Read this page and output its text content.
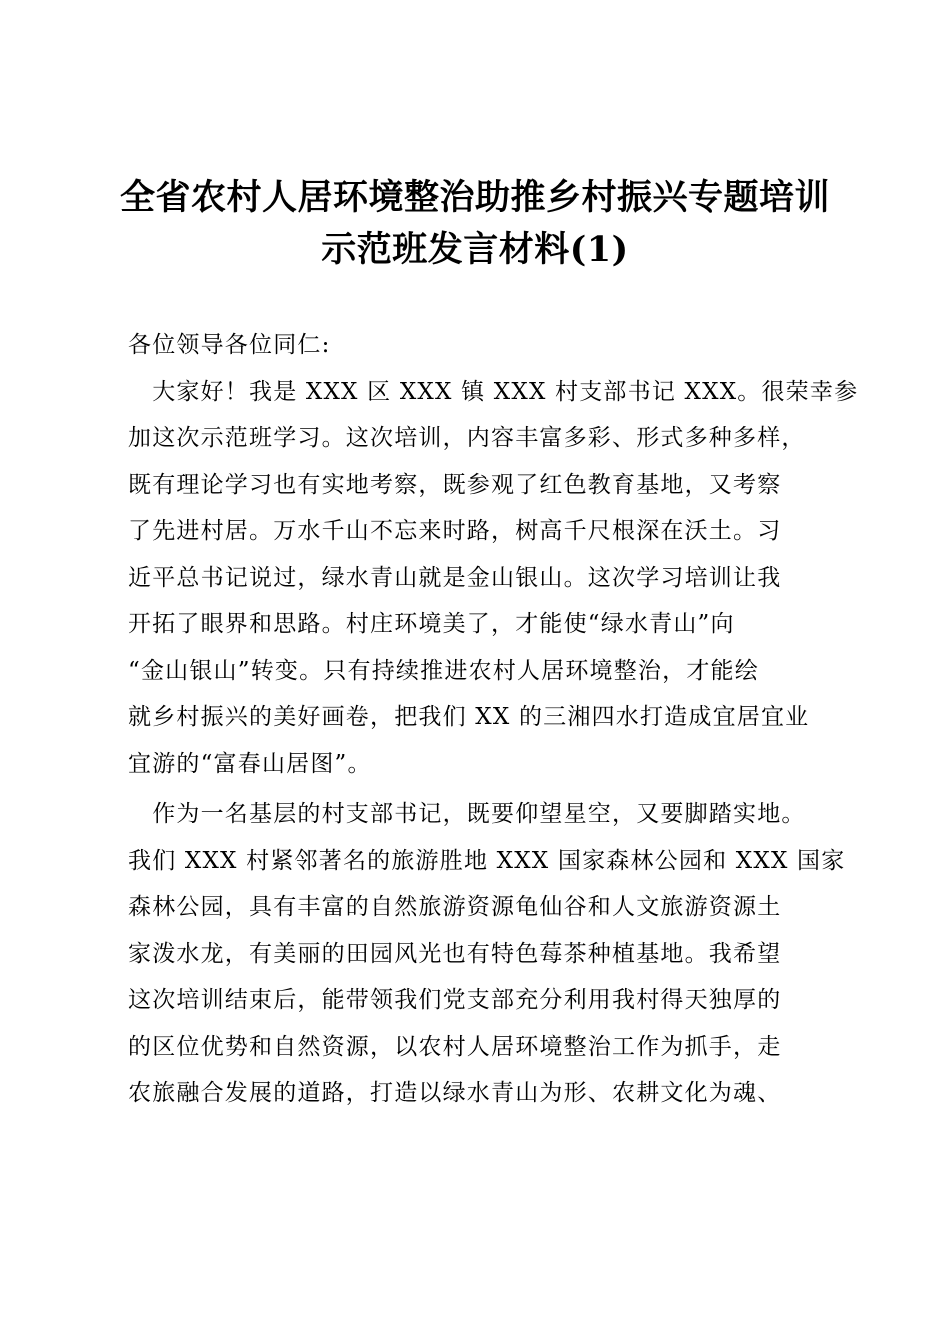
全省农村人居环境整治助推乡村振兴专题培训
示范班发言材料(1)
各位领导各位同仁:
　大家好！我是 XXX 区 XXX 镇 XXX 村支部书记 XXX。很荣幸参
加这次示范班学习。这次培训，内容丰富多彩、形式多种多样，
既有理论学习也有实地考察，既参观了红色教育基地，又考察
了先进村居。万水千山不忘来时路，树高千尺根深在沃土。习
近平总书记说过，绿水青山就是金山银山。这次学习培训让我
开拓了眼界和思路。村庄环境美了，才能使“绿水青山”向
“金山银山”转变。只有持续推进农村人居环境整治，才能绘
就乡村振兴的美好画卷，把我们 XX 的三湘四水打造成宜居宜业
宜游的“富春山居图”。
　作为一名基层的村支部书记，既要仰望星空，又要脚踏实地。
我们 XXX 村紧邻著名的旅游胜地 XXX 国家森林公园和 XXX 国家
森林公园，具有丰富的自然旅游资源龟仙谷和人文旅游资源土
家泼水龙，有美丽的田园风光也有特色莓茶种植基地。我希望
这次培训结束后，能带领我们党支部充分利用我村得天独厚的
的区位优势和自然资源，以农村人居环境整治工作为抓手，走
农旅融合发展的道路，打造以绿水青山为形、农耕文化为魂、
